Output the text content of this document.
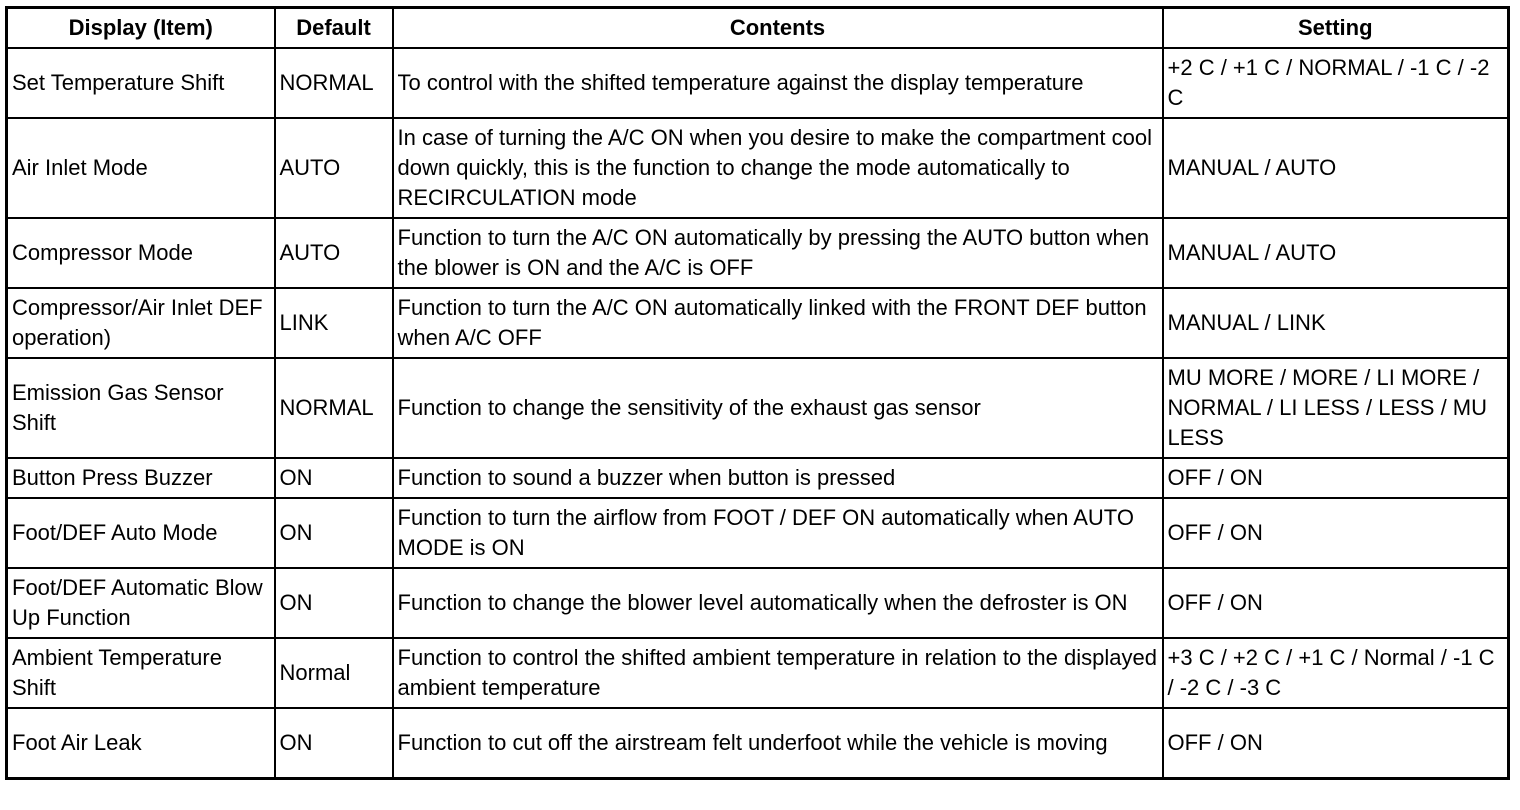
Display (Item)	Default	Contents	Setting
Set Temperature Shift	NORMAL	To control with the shifted temperature against the display temperature	+2 C / +1 C / NORMAL / -1 C / -2 C
Air Inlet Mode	AUTO	In case of turning the A/C ON when you desire to make the compartment cool down quickly, this is the function to change the mode automatically to RECIRCULATION mode	MANUAL / AUTO
Compressor Mode	AUTO	Function to turn the A/C ON automatically by pressing the AUTO button when the blower is ON and the A/C is OFF	MANUAL / AUTO
Compressor/Air Inlet DEF operation)	LINK	Function to turn the A/C ON automatically linked with the FRONT DEF button when A/C OFF	MANUAL / LINK
Emission Gas Sensor Shift	NORMAL	Function to change the sensitivity of the exhaust gas sensor	MU MORE / MORE / LI MORE / NORMAL / LI LESS / LESS / MU LESS
Button Press Buzzer	ON	Function to sound a buzzer when button is pressed	OFF / ON
Foot/DEF Auto Mode	ON	Function to turn the airflow from FOOT / DEF ON automatically when AUTO MODE is ON	OFF / ON
Foot/DEF Automatic Blow Up Function	ON	Function to change the blower level automatically when the defroster is ON	OFF / ON
Ambient Temperature Shift	Normal	Function to control the shifted ambient temperature in relation to the displayed ambient temperature	+3 C / +2 C / +1 C / Normal / -1 C / -2 C / -3 C
Foot Air Leak	ON	Function to cut off the airstream felt underfoot while the vehicle is moving	OFF / ON
